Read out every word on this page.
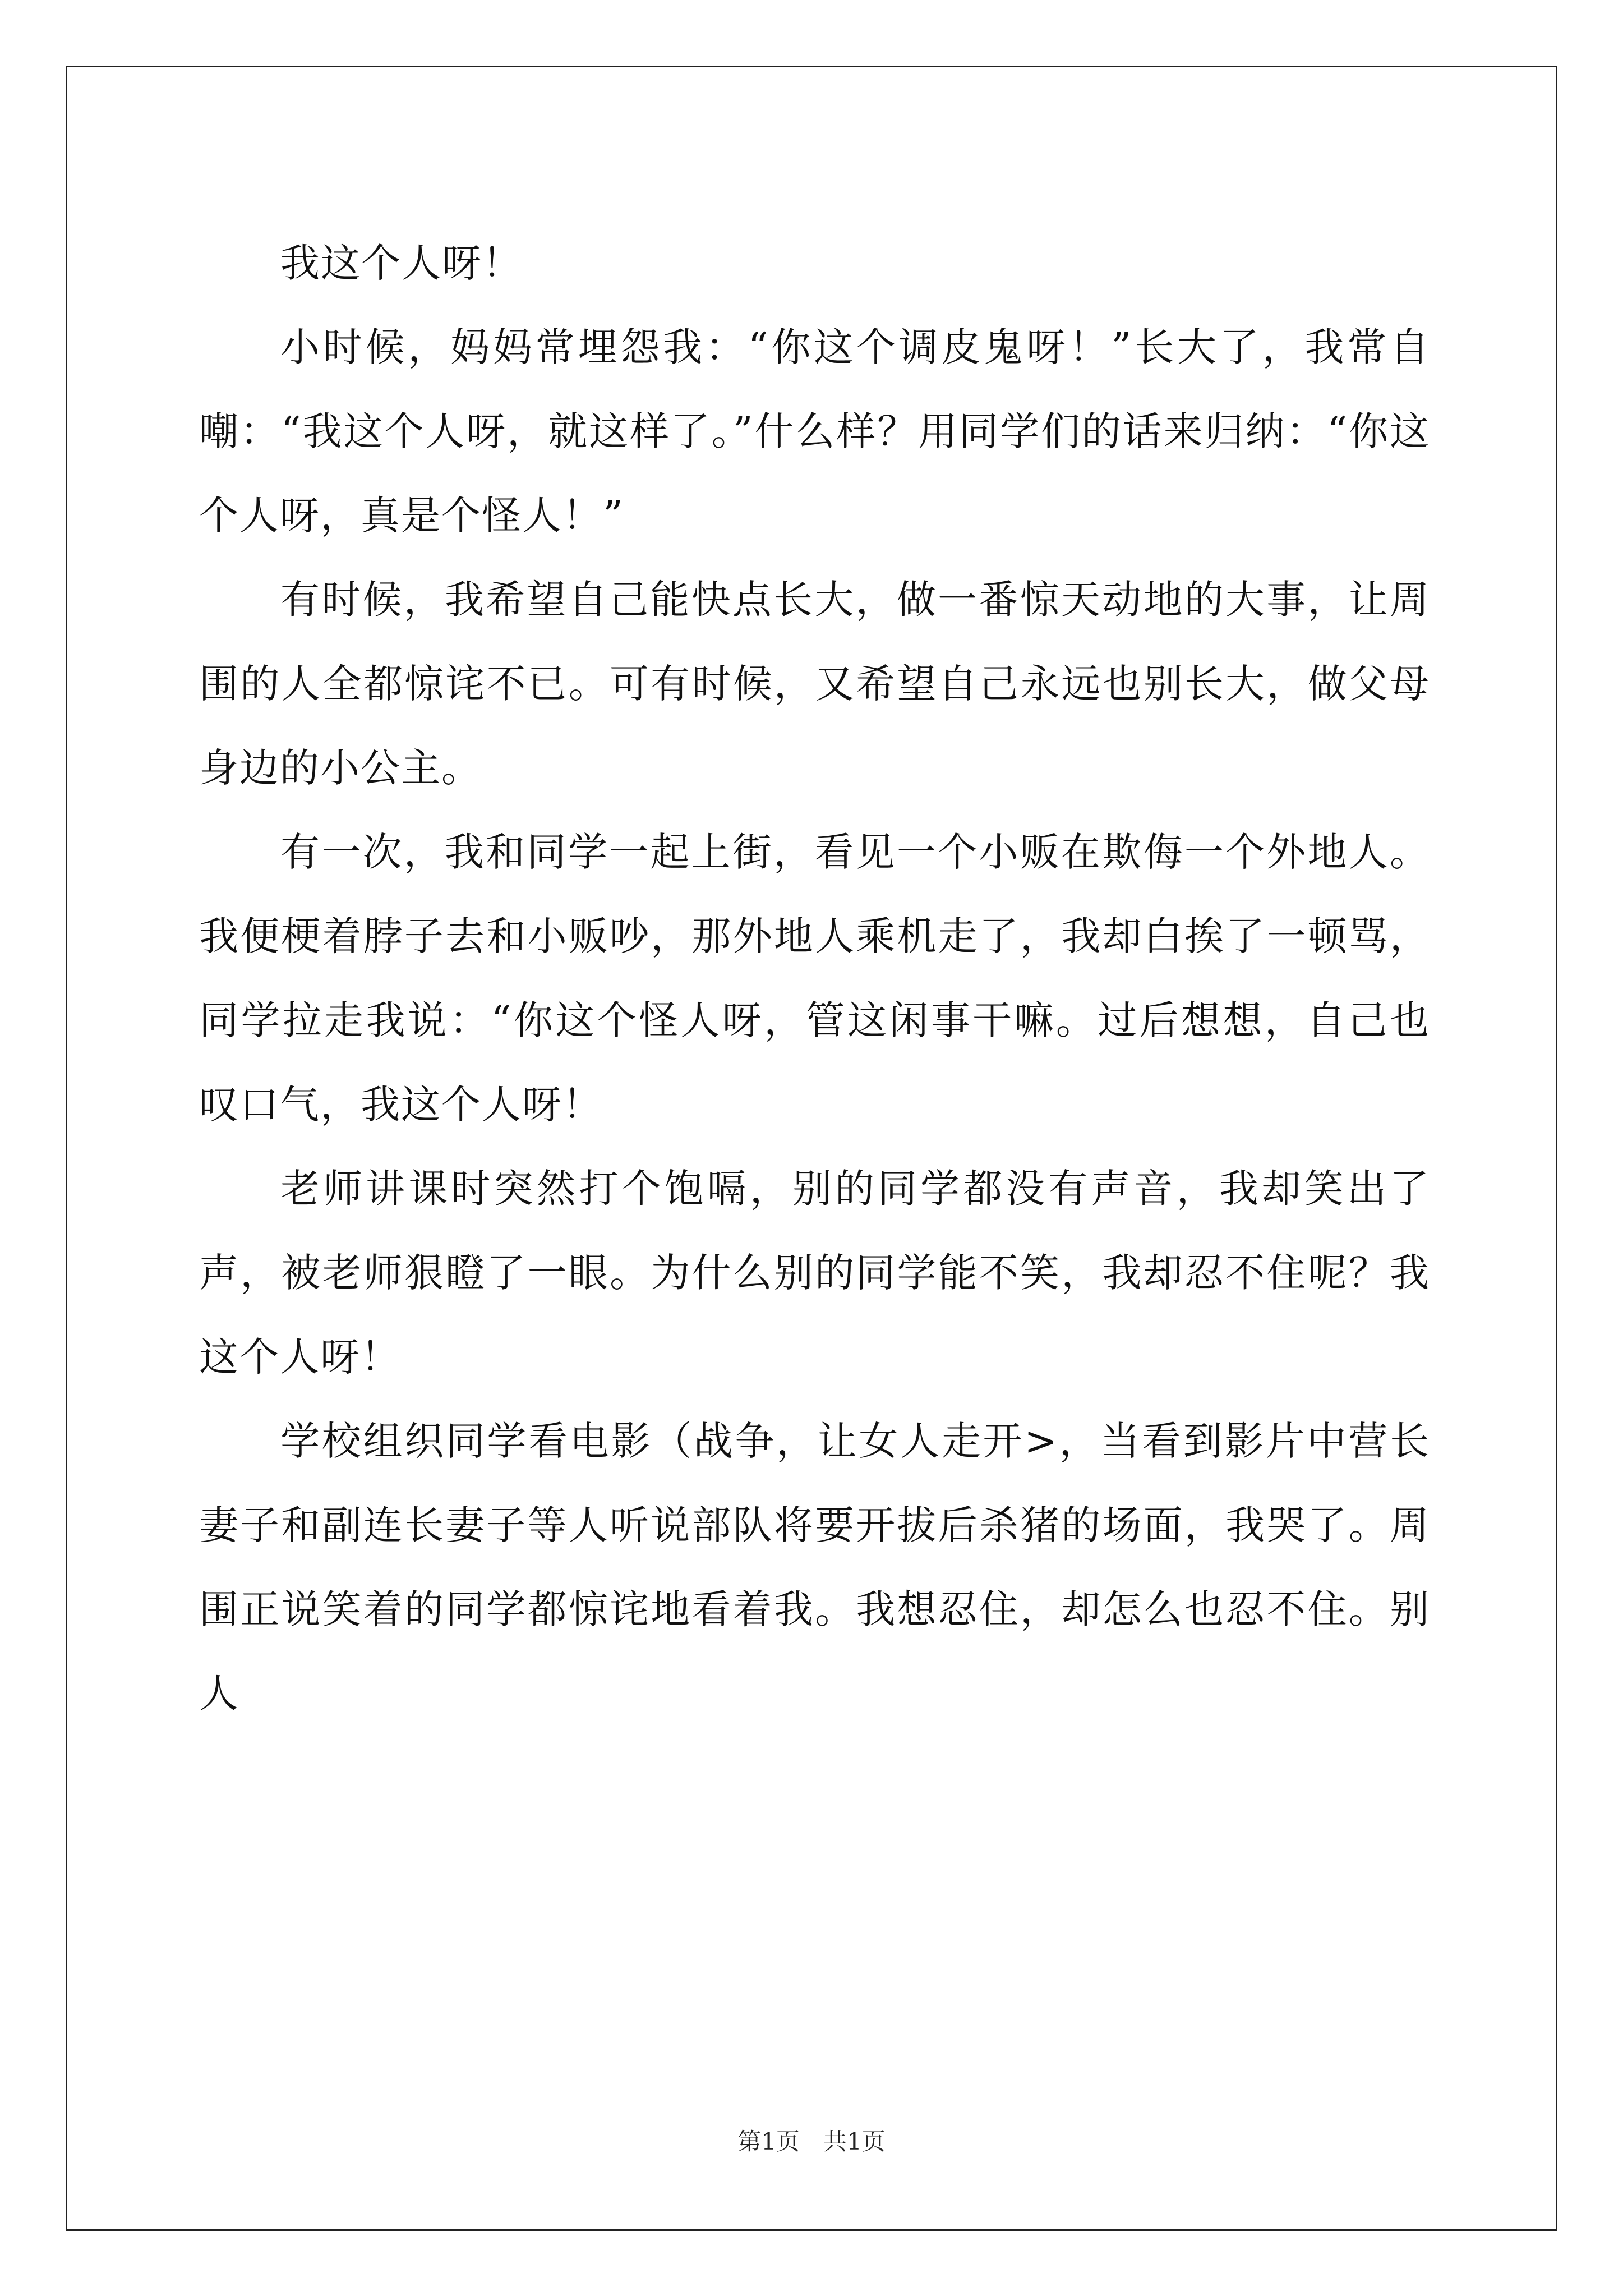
我这个人呀！

小时候，妈妈常埋怨我：“你这个调皮鬼呀！”长大了，我常自嘲：“我这个人呀，就这样了。”什么样？用同学们的话来归纳：“你这个人呀，真是个怪人！”

有时候，我希望自己能快点长大，做一番惊天动地的大事，让周围的人全都惊诧不已。可有时候，又希望自己永远也别长大，做父母身边的小公主。

有一次，我和同学一起上街，看见一个小贩在欺侮一个外地人。我便梗着脖子去和小贩吵，那外地人乘机走了，我却白挨了一顿骂，同学拉走我说：“你这个怪人呀，管这闲事干嘛。过后想想，自己也叹口气，我这个人呀！

老师讲课时突然打个饱嗝，别的同学都没有声音，我却笑出了声，被老师狠瞪了一眼。为什么别的同学能不笑，我却忍不住呢？我这个人呀！

学校组织同学看电影（战争，让女人走开>，当看到影片中营长妻子和副连长妻子等人听说部队将要开拔后杀猪的场面，我哭了。周围正说笑着的同学都惊诧地看着我。我想忍住，却怎么也忍不住。别人

第1页　共1页
